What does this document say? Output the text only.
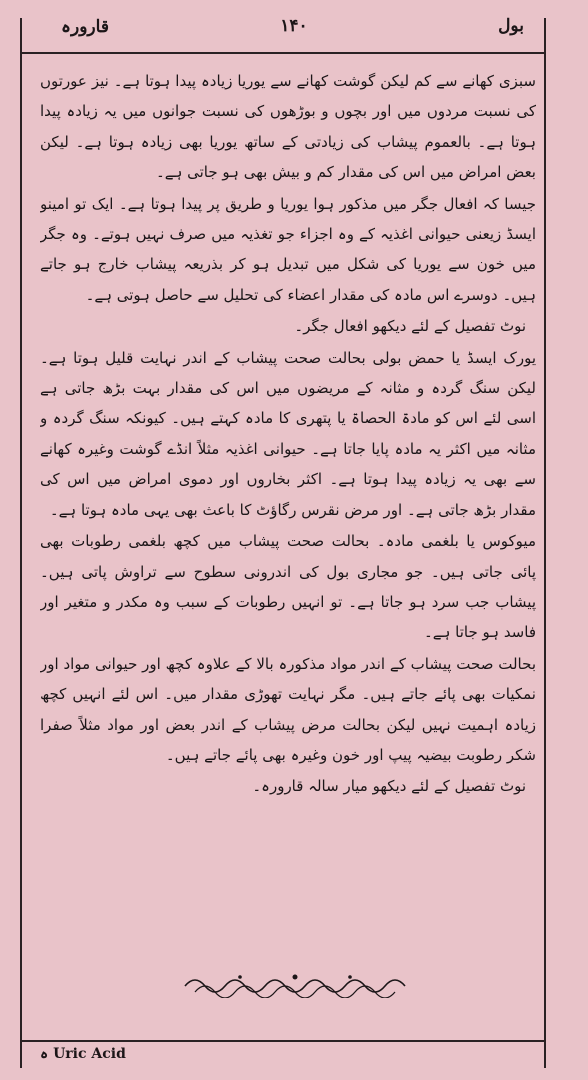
بول
۱۴۰
قارورہ

سبزی کھانے سے کم لیکن گوشت کھانے سے یوریا زیادہ پیدا ہوتا ہے۔ نیز عورتوں کی نسبت مردوں میں اور بچوں و بوڑھوں کی نسبت جوانوں میں یہ زیادہ پیدا ہوتا ہے۔ بالعموم پیشاب کی زیادتی کے ساتھ یوریا بھی زیادہ ہوتا ہے۔ لیکن بعض امراض میں اس کی مقدار کم و بیش بھی ہو جاتی ہے۔

جیسا کہ افعال جگر میں مذکور ہوا یوریا و طریق پر پیدا ہوتا ہے۔ ایک تو امینو ایسڈ زیعنی حیوانی اغذیہ کے وہ اجزاء جو تغذیہ میں صرف نہیں ہوتے۔ وہ جگر میں خون سے یوریا کی شکل میں تبدیل ہو کر بذریعہ پیشاب خارج ہو جاتے ہیں۔ دوسرے اس مادہ کی مقدار اعضاء کی تحلیل سے حاصل ہوتی ہے۔

نوٹ تفصیل کے لئے دیکھو افعال جگر۔

یورک ایسڈ یا حمض بولی بحالت صحت پیشاب کے اندر نہایت قلیل ہوتا ہے۔ لیکن سنگ گردہ و مثانہ کے مریضوں میں اس کی مقدار بہت بڑھ جاتی ہے اسی لئے اس کو مادۃ الحصاۃ یا پتھری کا مادہ کہتے ہیں۔ کیونکہ سنگ گردہ و مثانہ میں اکثر یہ مادہ پایا جاتا ہے۔ حیوانی اغذیہ مثلاً انڈے گوشت وغیرہ کھانے سے بھی یہ زیادہ پیدا ہوتا ہے۔ اکثر بخاروں اور دموی امراض میں اس کی مقدار بڑھ جاتی ہے۔ اور مرض نقرس رگاؤٹ کا باعث بھی یہی مادہ ہوتا ہے۔

میوکوس یا بلغمی مادہ۔ بحالت صحت پیشاب میں کچھ بلغمی رطوبات بھی پائی جاتی ہیں۔ جو مجاری بول کی اندرونی سطوح سے تراوش پاتی ہیں۔ پیشاب جب سرد ہو جاتا ہے۔ تو انہیں رطوبات کے سبب وہ مکدر و متغیر اور فاسد ہو جاتا ہے۔

بحالت صحت پیشاب کے اندر مواد مذکورہ بالا کے علاوہ کچھ اور حیوانی مواد اور نمکیات بھی پائے جاتے ہیں۔ مگر نہایت تھوڑی مقدار میں۔ اس لئے انہیں کچھ زیادہ اہمیت نہیں لیکن بحالت مرض پیشاب کے اندر بعض اور مواد مثلاً صفرا شکر رطوبت بیضیہ پیپ اور خون وغیرہ بھی پائے جاتے ہیں۔

نوٹ تفصیل کے لئے دیکھو میار سالہ قارورہ۔

ہ Uric Acid
